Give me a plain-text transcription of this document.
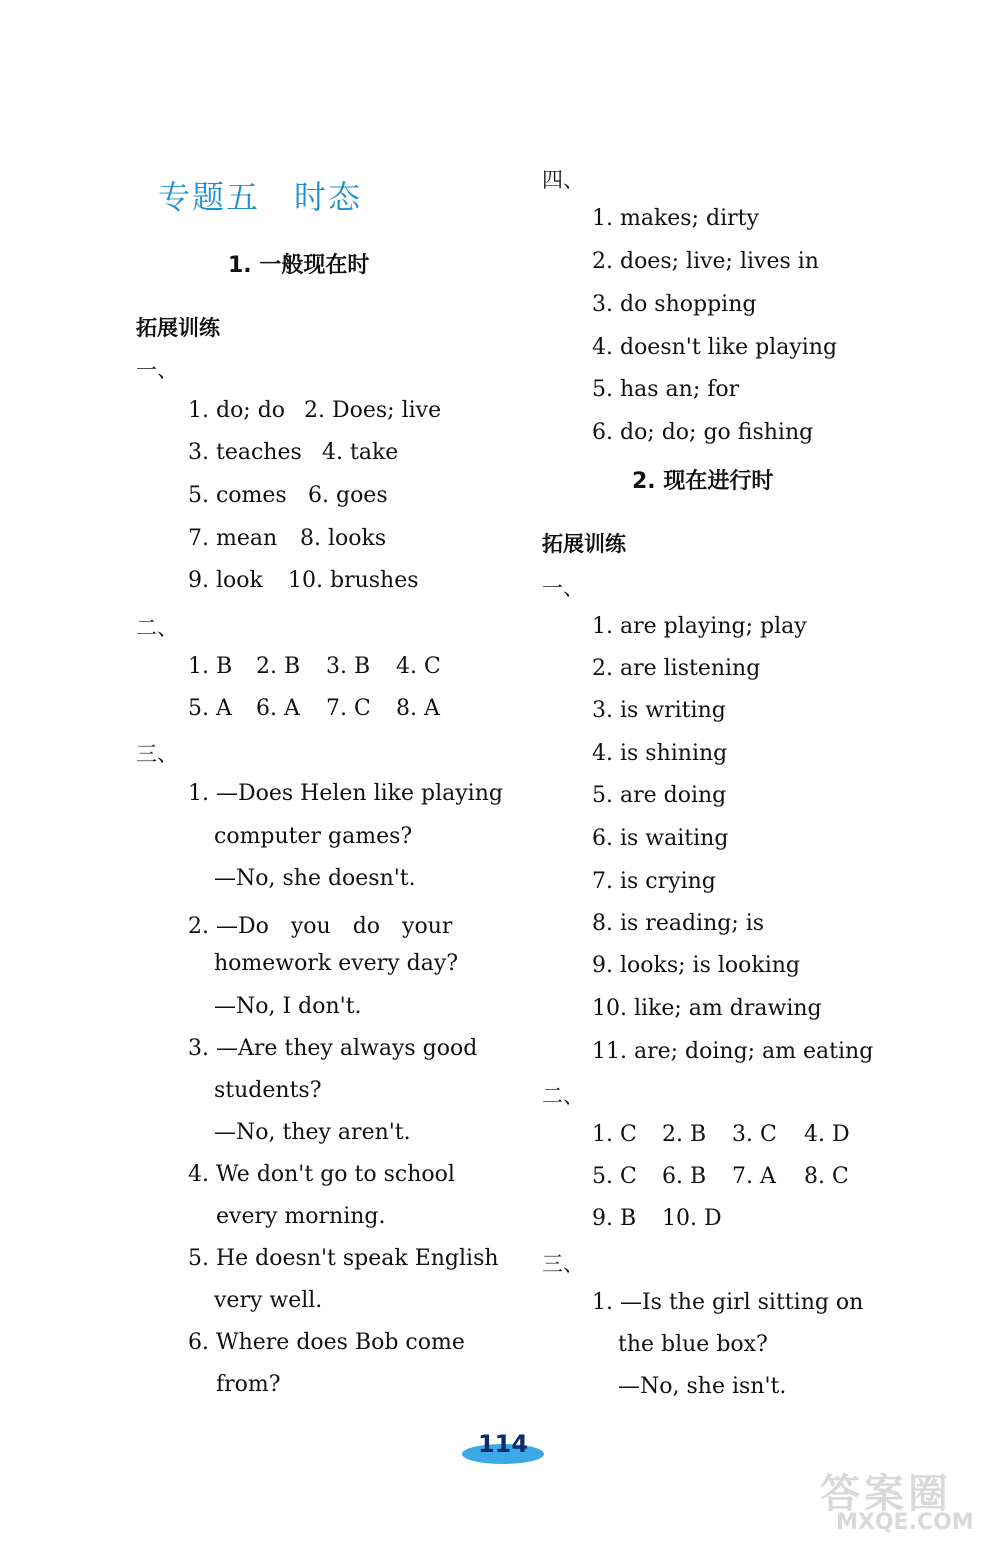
专题五　时态
1. 一般现在时
拓展训练
一、
1. do; do 2. Does; live
3. teaches 4. take
5. comes 6. goes
7. mean 8. looks
9. look 10. brushes
二、
1. B 2. B 3. B 4. C
5. A 6. A 7. C 8. A
三、
1. —Does Helen like playing
computer games?
—No, she doesn't.
2. —Do　you　do　your
homework every day?
—No, I don't.
3. —Are they always good
students?
—No, they aren't.
4. We don't go to school
every morning.
5. He doesn't speak English
very well.
6. Where does Bob come
from?
四、
1. makes; dirty
2. does; live; lives in
3. do shopping
4. doesn't like playing
5. has an; for
6. do; do; go fishing
2. 现在进行时
拓展训练
一、
1. are playing; play
2. are listening
3. is writing
4. is shining
5. are doing
6. is waiting
7. is crying
8. is reading; is
9. looks; is looking
10. like; am drawing
11. are; doing; am eating
二、
1. C 2. B 3. C 4. D
5. C 6. B 7. A 8. C
9. B 10. D
三、
1. —Is the girl sitting on
the blue box?
—No, she isn't.
114
答案圈
MXQE.COM
